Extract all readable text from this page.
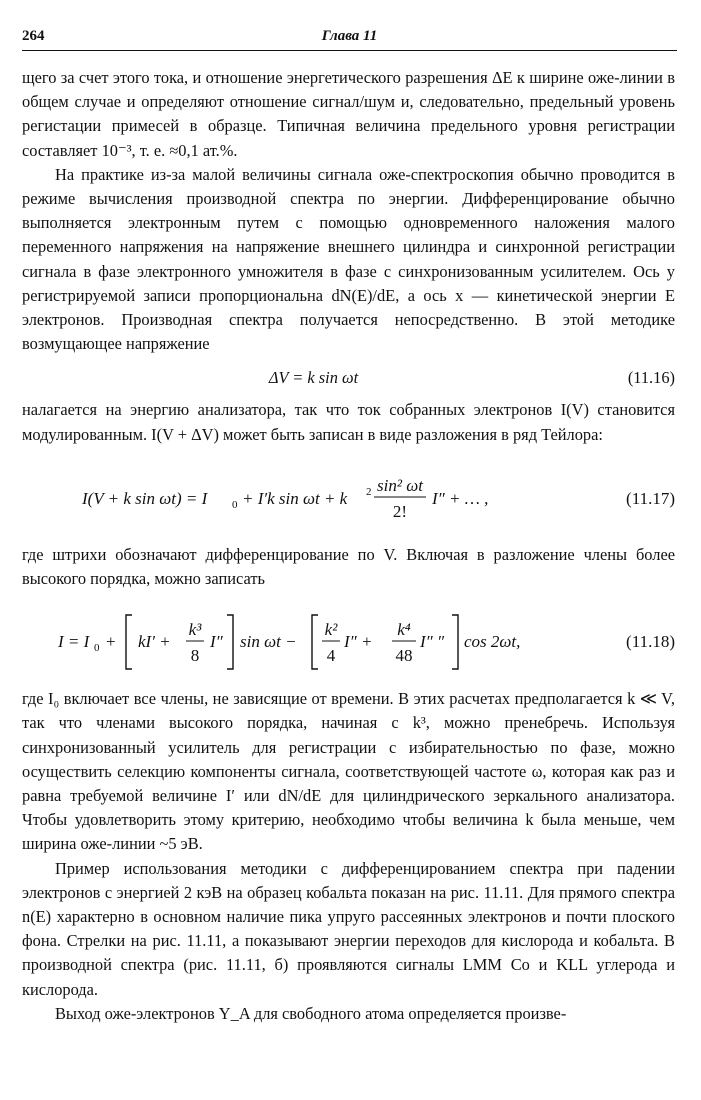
264	Глава 11

щего за счет этого тока, и отношение энергетического разрешения ΔE к ширине оже-линии в общем случае и определяют отношение сигнал/шум и, следовательно, предельный уровень регистации примесей в образце. Типичная величина предельного уровня регистрации составляет 10⁻³, т. е. ≈0,1 ат.%.

На практике из-за малой величины сигнала оже-спектроскопия обычно проводится в режиме вычисления производной спектра по энергии. Дифференцирование обычно выполняется электронным путем с помощью одновременного наложения малого переменного напряжения на напряжение внешнего цилиндра и синхронной регистрации сигнала в фазе электронного умножителя в фазе с синхронизованным усилителем. Ось y регистрируемой записи пропорциональна dN(E)/dE, а ось x — кинетической энергии E электронов. Производная спектра получается непосредственно. В этой методике возмущающее напряжение

ΔV = k sin ωt	(11.16)

налагается на энергию анализатора, так что ток собранных электронов I(V) становится модулированным. I(V + ΔV) может быть записан в виде разложения в ряд Тейлора:

I(V + k sin ωt) = I 0 + I′k sin ωt + k 2 sin² ωt
2!
I″ + … ,	(11.17)

где штрихи обозначают дифференцирование по V. Включая в разложение члены более высокого порядка, можно записать

I = I 0 + kI′ +
k³
8
I″ sin ωt −
k²
4
I″ +
k⁴
48
I″ ″ cos 2ωt,	(11.18)

где I₀ включает все члены, не зависящие от времени. В этих расчетах предполагается k ≪ V, так что членами высокого порядка, начиная с k³, можно пренебречь. Используя синхронизованный усилитель для регистрации с избирательностью по фазе, можно осуществить селекцию компоненты сигнала, соответствующей частоте ω, которая как раз и равна требуемой величине I′ или dN/dE для цилиндрического зеркального анализатора. Чтобы удовлетворить этому критерию, необходимо чтобы величина k была меньше, чем ширина оже-линии ~5 эВ.

Пример использования методики с дифференцированием спектра при падении электронов с энергией 2 кэВ на образец кобальта показан на рис. 11.11. Для прямого спектра n(E) характерно в основном наличие пика упруго рассеянных электронов и почти плоского фона. Стрелки на рис. 11.11, a показывают энергии переходов для кислорода и кобальта. В производной спектра (рис. 11.11, б) проявляются сигналы LMM Co и KLL углерода и кислорода.

Выход оже-электронов Y_A для свободного атома определяется произве-
